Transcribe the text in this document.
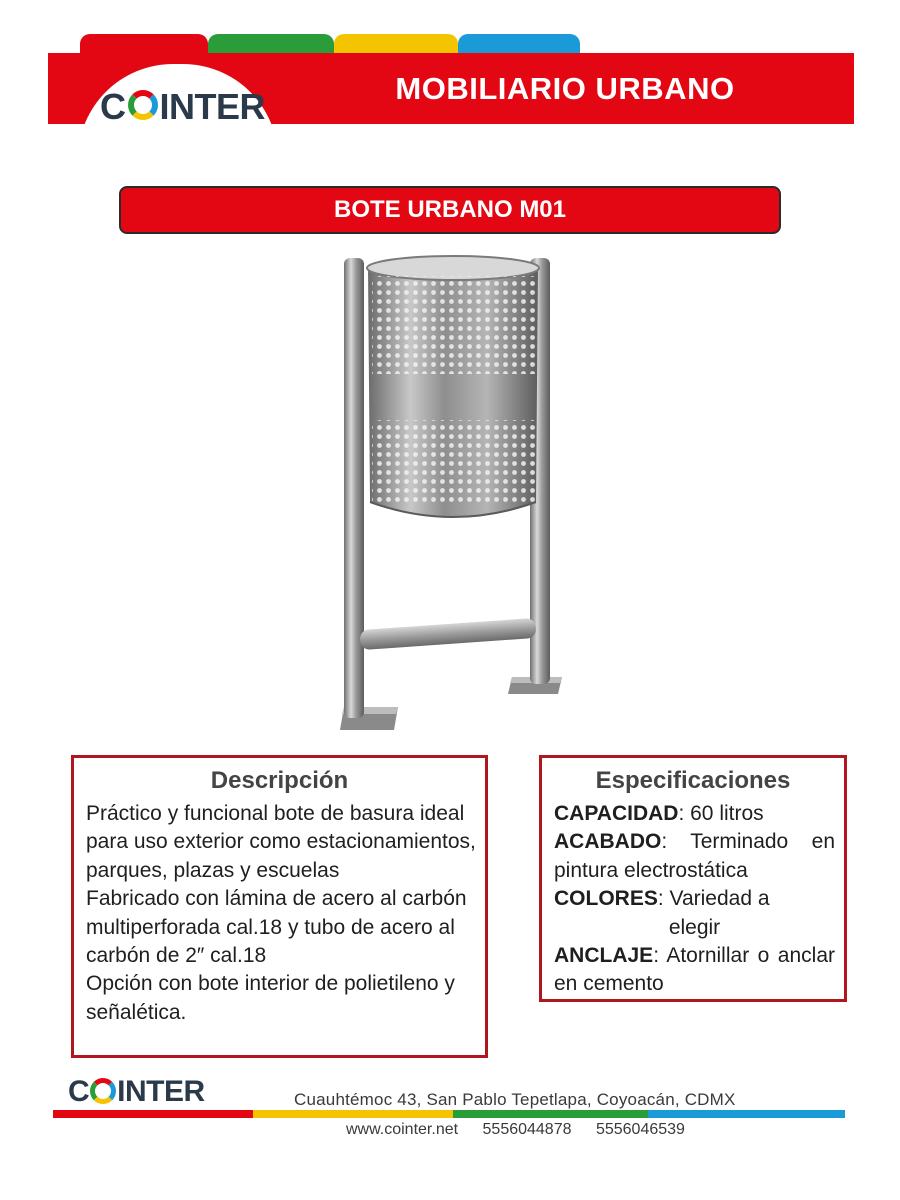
MOBILIARIO URBANO
C INTER
BOTE URBANO M01
Descripción

Práctico y funcional bote de basura ideal para uso exterior como estacionamientos, parques, plazas y escuelas

Fabricado con lámina de acero al carbón multiperforada cal.18 y tubo de acero al carbón de 2″ cal.18

Opción con bote interior de polietileno y señalética.

Especificaciones

CAPACIDAD: 60 litros

ACABADO: Terminado en pintura electrostática

COLORES: Variedad a

elegir

ANCLAJE: Atornillar o anclar en cemento

C INTER	Cuauhtémoc 43, San Pablo Tepetlapa, Coyoacán, CDMX
www.cointer.net 5556044878 5556046539
